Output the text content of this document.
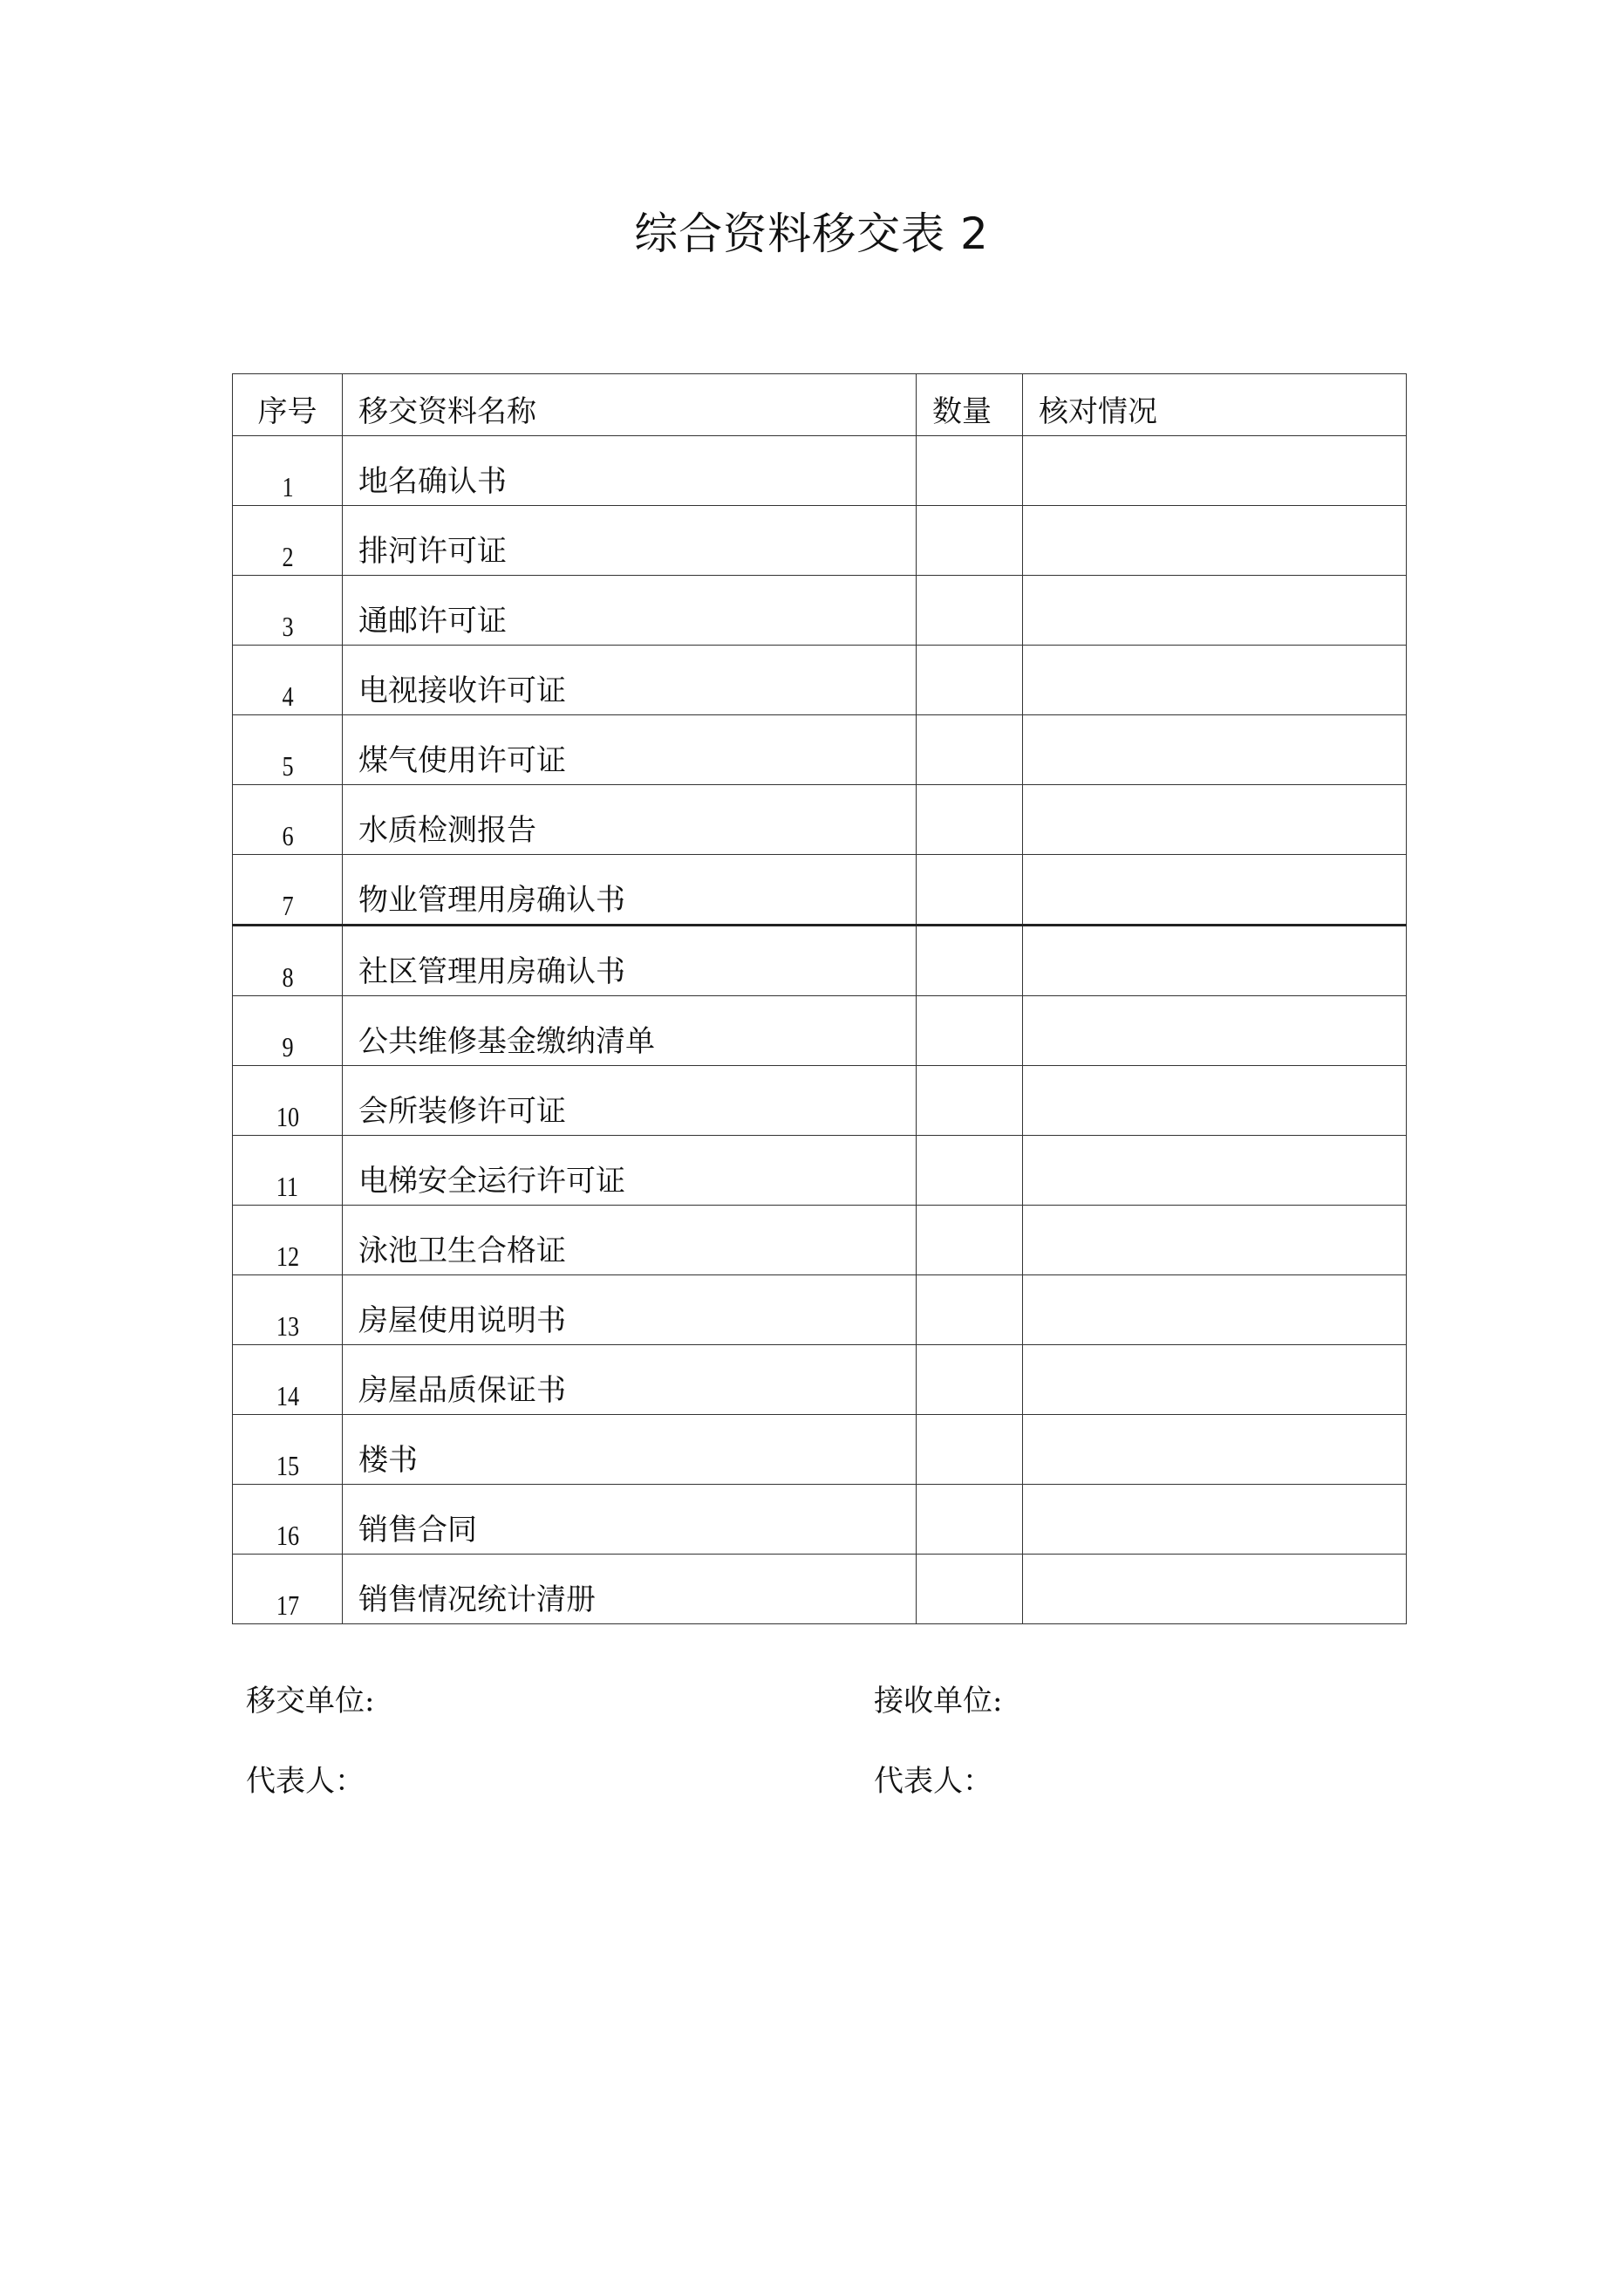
综合资料移交表 2
序号	移交资料名称	数量	核对情况
1	地名确认书		
2	排河许可证		
3	通邮许可证		
4	电视接收许可证		
5	煤气使用许可证		
6	水质检测报告		
7	物业管理用房确认书		
8	社区管理用房确认书		
9	公共维修基金缴纳清单		
10	会所装修许可证		
11	电梯安全运行许可证		
12	泳池卫生合格证		
13	房屋使用说明书		
14	房屋品质保证书		
15	楼书		
16	销售合同		
17	销售情况统计清册		
移交单位:	接收单位:
代表人：	代表人：
